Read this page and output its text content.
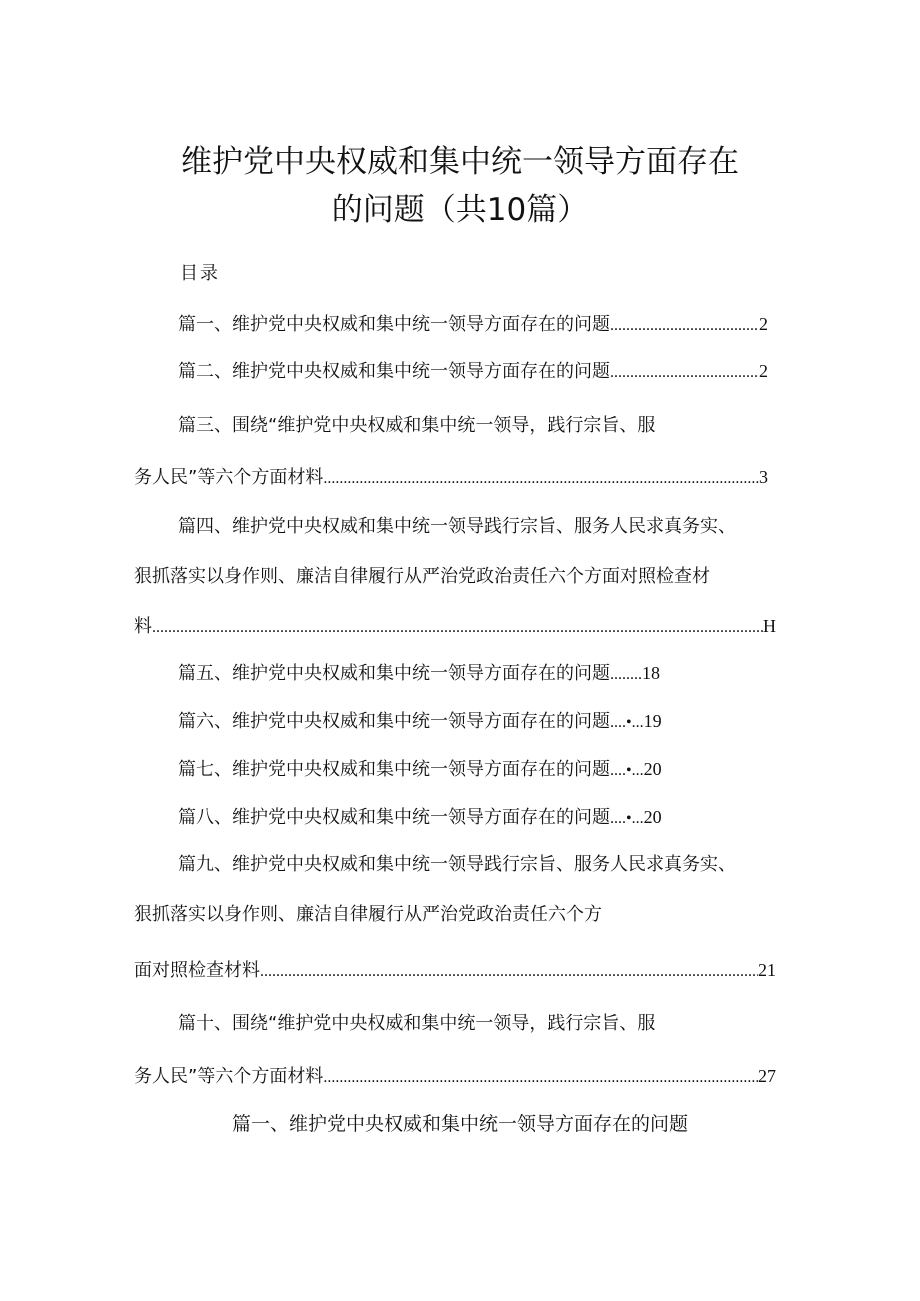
维护党中央权威和集中统一领导方面存在
的问题（共10篇）
目录
篇一、维护党中央权威和集中统一领导方面存在的问题 .....	2
篇二、维护党中央权威和集中统一领导方面存在的问题 .....	2
篇三、围绕“维护党中央权威和集中统一领导，践行宗旨、服
务人民”等六个方面材料 .....	3
篇四、维护党中央权威和集中统一领导践行宗旨、服务人民求真务实、
狠抓落实以身作则、廉洁自律履行从严治党政治责任六个方面对照检查材
料 .....	H
篇五、维护党中央权威和集中统一领导方面存在的问题 ........ 18
篇六、维护党中央权威和集中统一领导方面存在的问题 ....•... 19
篇七、维护党中央权威和集中统一领导方面存在的问题 ....•... 20
篇八、维护党中央权威和集中统一领导方面存在的问题 ....•... 20
篇九、维护党中央权威和集中统一领导践行宗旨、服务人民求真务实、
狠抓落实以身作则、廉洁自律履行从严治党政治责任六个方
面对照检查材料 .....	21
篇十、围绕“维护党中央权威和集中统一领导，践行宗旨、服
务人民”等六个方面材料 .....	27
篇一、维护党中央权威和集中统一领导方面存在的问题
